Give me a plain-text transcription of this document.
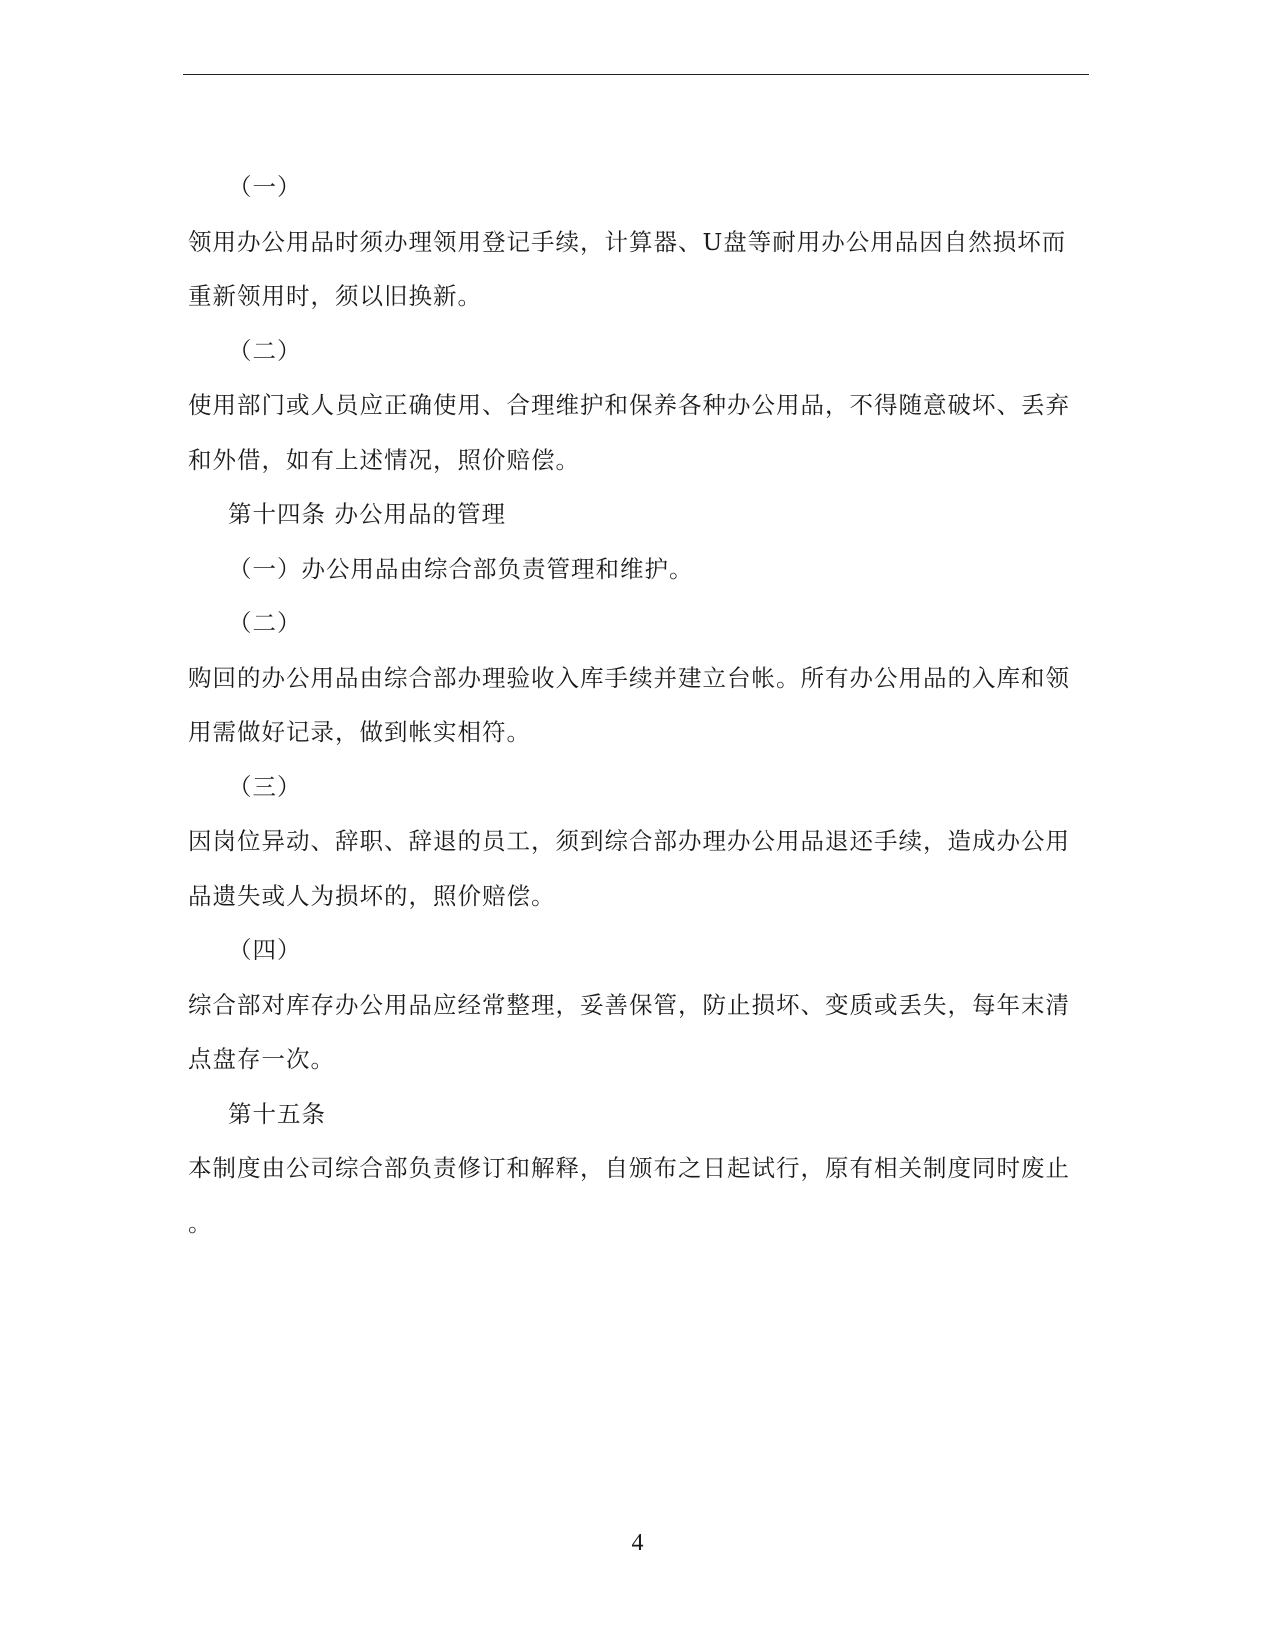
（一）
领用办公用品时须办理领用登记手续，计算器、U盘等耐用办公用品因自然损坏而
重新领用时，须以旧换新。
（二）
使用部门或人员应正确使用、合理维护和保养各种办公用品，不得随意破坏、丢弃
和外借，如有上述情况，照价赔偿。
第十四条 办公用品的管理
（一）办公用品由综合部负责管理和维护。
（二）
购回的办公用品由综合部办理验收入库手续并建立台帐。所有办公用品的入库和领
用需做好记录，做到帐实相符。
（三）
因岗位异动、辞职、辞退的员工，须到综合部办理办公用品退还手续，造成办公用
品遗失或人为损坏的，照价赔偿。
（四）
综合部对库存办公用品应经常整理，妥善保管，防止损坏、变质或丢失，每年末清
点盘存一次。
第十五条
本制度由公司综合部负责修订和解释，自颁布之日起试行，原有相关制度同时废止
。
4
